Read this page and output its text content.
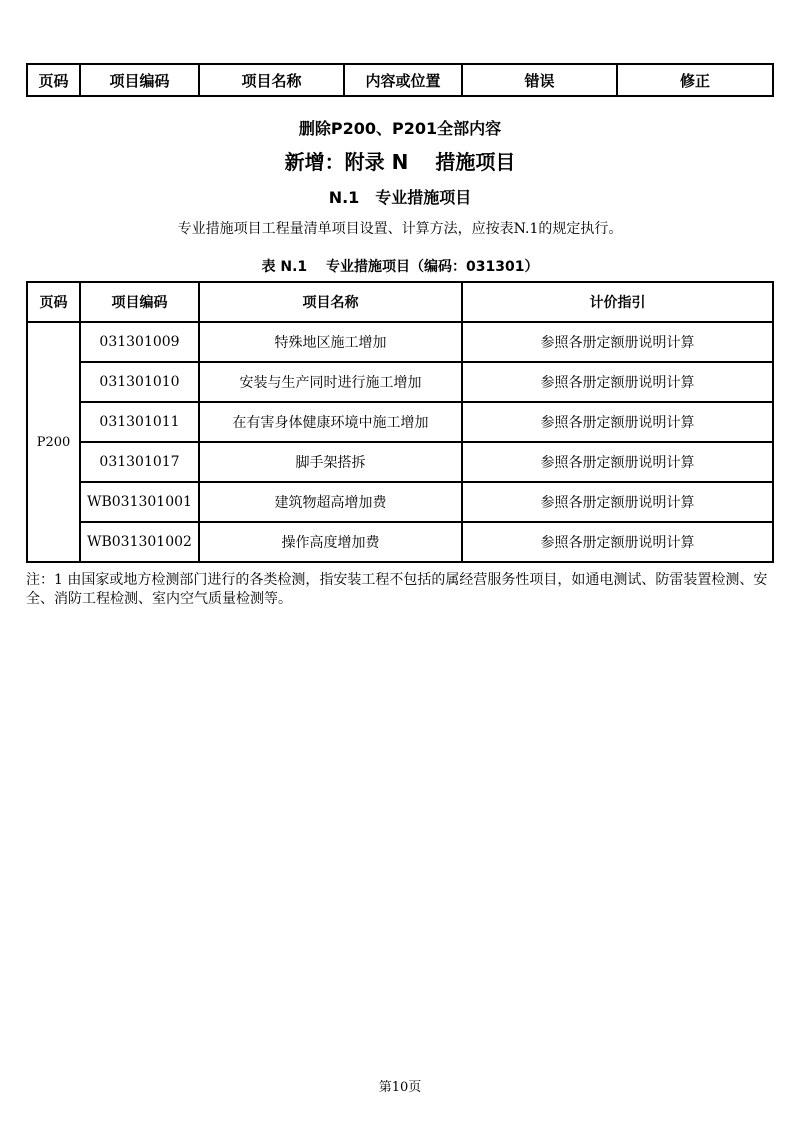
页码	项目编码	项目名称	内容或位置	错误	修正
删除P200、P201全部内容
新增：附录 N　 措施项目
N.1　专业措施项目
专业措施项目工程量清单项目设置、计算方法，应按表N.1的规定执行。
表 N.1　 专业措施项目（编码：031301）
页码	项目编码	项目名称	计价指引
P200	031301009	特殊地区施工增加	参照各册定额册说明计算
	031301010	安装与生产同时进行施工增加	参照各册定额册说明计算
	031301011	在有害身体健康环境中施工增加	参照各册定额册说明计算
	031301017	脚手架搭拆	参照各册定额册说明计算
	WB031301001	建筑物超高增加费	参照各册定额册说明计算
	WB031301002	操作高度增加费	参照各册定额册说明计算
注：1 由国家或地方检测部门进行的各类检测，指安装工程不包括的属经营服务性项目，如通电测试、防雷装置检测、安全、消防工程检测、室内空气质量检测等。
第10页
